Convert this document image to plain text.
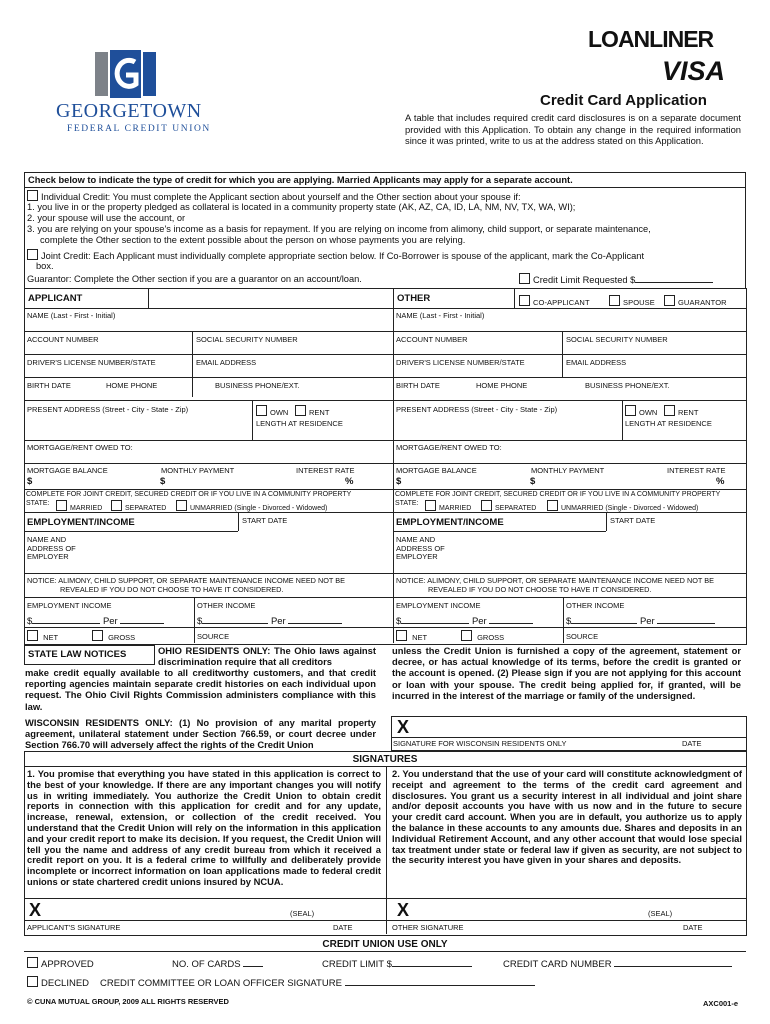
GEORGETOWN
FEDERAL CREDIT UNION
LOANLINER
VISA
Credit Card Application
A table that includes required credit card disclosures is on a separate document provided with this Application. To obtain any change in the required information since it was printed, write to us at the address stated on this Application.
Check below to indicate the type of credit for which you are applying. Married Applicants may apply for a separate account.
Individual Credit: You must complete the Applicant section about yourself and the Other section about your spouse if:
1. you live in or the property pledged as collateral is located in a community property state (AK, AZ, CA, ID, LA, NM, NV, TX, WA, WI);
2. your spouse will use the account, or
3. you are relying on your spouse's income as a basis for repayment. If you are relying on income from alimony, child support, or separate maintenance,
complete the Other section to the extent possible about the person on whose payments you are relying.
Joint Credit: Each Applicant must individually complete appropriate section below. If Co-Borrower is spouse of the applicant, mark the Co-Applicant
box.
Guarantor: Complete the Other section if you are a guarantor on an account/loan.	Credit Limit Requested $
APPLICANT	OTHER	CO-APPLICANT	SPOUSE	GUARANTOR
NAME (Last - First - Initial)
ACCOUNT NUMBER	SOCIAL SECURITY NUMBER
DRIVER'S LICENSE NUMBER/STATE	EMAIL ADDRESS
BIRTH DATE	HOME PHONE	BUSINESS PHONE/EXT.
PRESENT ADDRESS (Street - City - State - Zip)	OWN	RENT
LENGTH AT RESIDENCE
MORTGAGE/RENT OWED TO:
MORTGAGE BALANCE	MONTHLY PAYMENT	INTEREST RATE
$	$	%
COMPLETE FOR JOINT CREDIT, SECURED CREDIT OR IF YOU LIVE IN A COMMUNITY PROPERTY
STATE:
MARRIED	SEPARATED	UNMARRIED (Single - Divorced - Widowed)
EMPLOYMENT/INCOME	START DATE
NAME AND
ADDRESS OF
EMPLOYER
NOTICE: ALIMONY, CHILD SUPPORT, OR SEPARATE MAINTENANCE INCOME NEED NOT BE
REVEALED IF YOU DO NOT CHOOSE TO HAVE IT CONSIDERED.
EMPLOYMENT INCOME	OTHER INCOME
$	Per	$	Per
NET	GROSS	SOURCE
NAME (Last - First - Initial)
ACCOUNT NUMBER	SOCIAL SECURITY NUMBER
DRIVER'S LICENSE NUMBER/STATE	EMAIL ADDRESS
BIRTH DATE	HOME PHONE	BUSINESS PHONE/EXT.
PRESENT ADDRESS (Street - City - State - Zip)	OWN	RENT
LENGTH AT RESIDENCE
MORTGAGE/RENT OWED TO:
MORTGAGE BALANCE	MONTHLY PAYMENT	INTEREST RATE
$	$	%
COMPLETE FOR JOINT CREDIT, SECURED CREDIT OR IF YOU LIVE IN A COMMUNITY PROPERTY
STATE:
MARRIED	SEPARATED	UNMARRIED (Single - Divorced - Widowed)
EMPLOYMENT/INCOME	START DATE
NAME AND
ADDRESS OF
EMPLOYER
NOTICE: ALIMONY, CHILD SUPPORT, OR SEPARATE MAINTENANCE INCOME NEED NOT BE
REVEALED IF YOU DO NOT CHOOSE TO HAVE IT CONSIDERED.
EMPLOYMENT INCOME	OTHER INCOME
$	Per	$	Per
NET	GROSS	SOURCE
STATE LAW NOTICES	OHIO RESIDENTS ONLY: The Ohio laws against discrimination require that all creditors
make credit equally available to all creditworthy customers, and that credit reporting agencies maintain separate credit histories on each individual upon request. The Ohio Civil Rights Commission administers compliance with this law.
WISCONSIN RESIDENTS ONLY: (1) No provision of any marital property agreement, unilateral statement under Section 766.59, or court decree under Section 766.70 will adversely affect the rights of the Credit Union
unless the Credit Union is furnished a copy of the agreement, statement or decree, or has actual knowledge of its terms, before the credit is granted or the account is opened. (2) Please sign if you are not applying for this account or loan with your spouse. The credit being applied for, if granted, will be incurred in the interest of the marriage or family of the undersigned.
X
SIGNATURE FOR WISCONSIN RESIDENTS ONLY	DATE
SIGNATURES
1. You promise that everything you have stated in this application is correct to the best of your knowledge. If there are any important changes you will notify us in writing immediately. You authorize the Credit Union to obtain credit reports in connection with this application for credit and for any update, increase, renewal, extension, or collection of the credit received. You understand that the Credit Union will rely on the information in this application and your credit report to make its decision. If you request, the Credit Union will tell you the name and address of any credit bureau from which it received a credit report on you. It is a federal crime to willfully and deliberately provide incomplete or incorrect information on loan applications made to federal credit unions or state chartered credit unions insured by NCUA.
2. You understand that the use of your card will constitute acknowledgment of receipt and agreement to the terms of the credit card agreement and disclosures. You grant us a security interest in all individual and joint share and/or deposit accounts you have with us now and in the future to secure your credit card account. When you are in default, you authorize us to apply the balance in these accounts to any amounts due. Shares and deposits in an Individual Retirement Account, and any other account that would lose special tax treatment under state or federal law if given as security, are not subject to the security interest you have given in your shares and deposits.
X	(SEAL)
APPLICANT'S SIGNATURE	DATE
X	(SEAL)
OTHER SIGNATURE	DATE
CREDIT UNION USE ONLY
APPROVED	NO. OF CARDS	CREDIT LIMIT $	CREDIT CARD NUMBER
DECLINED CREDIT COMMITTEE OR LOAN OFFICER SIGNATURE
© CUNA MUTUAL GROUP, 2009 ALL RIGHTS RESERVED	AXC001-e
